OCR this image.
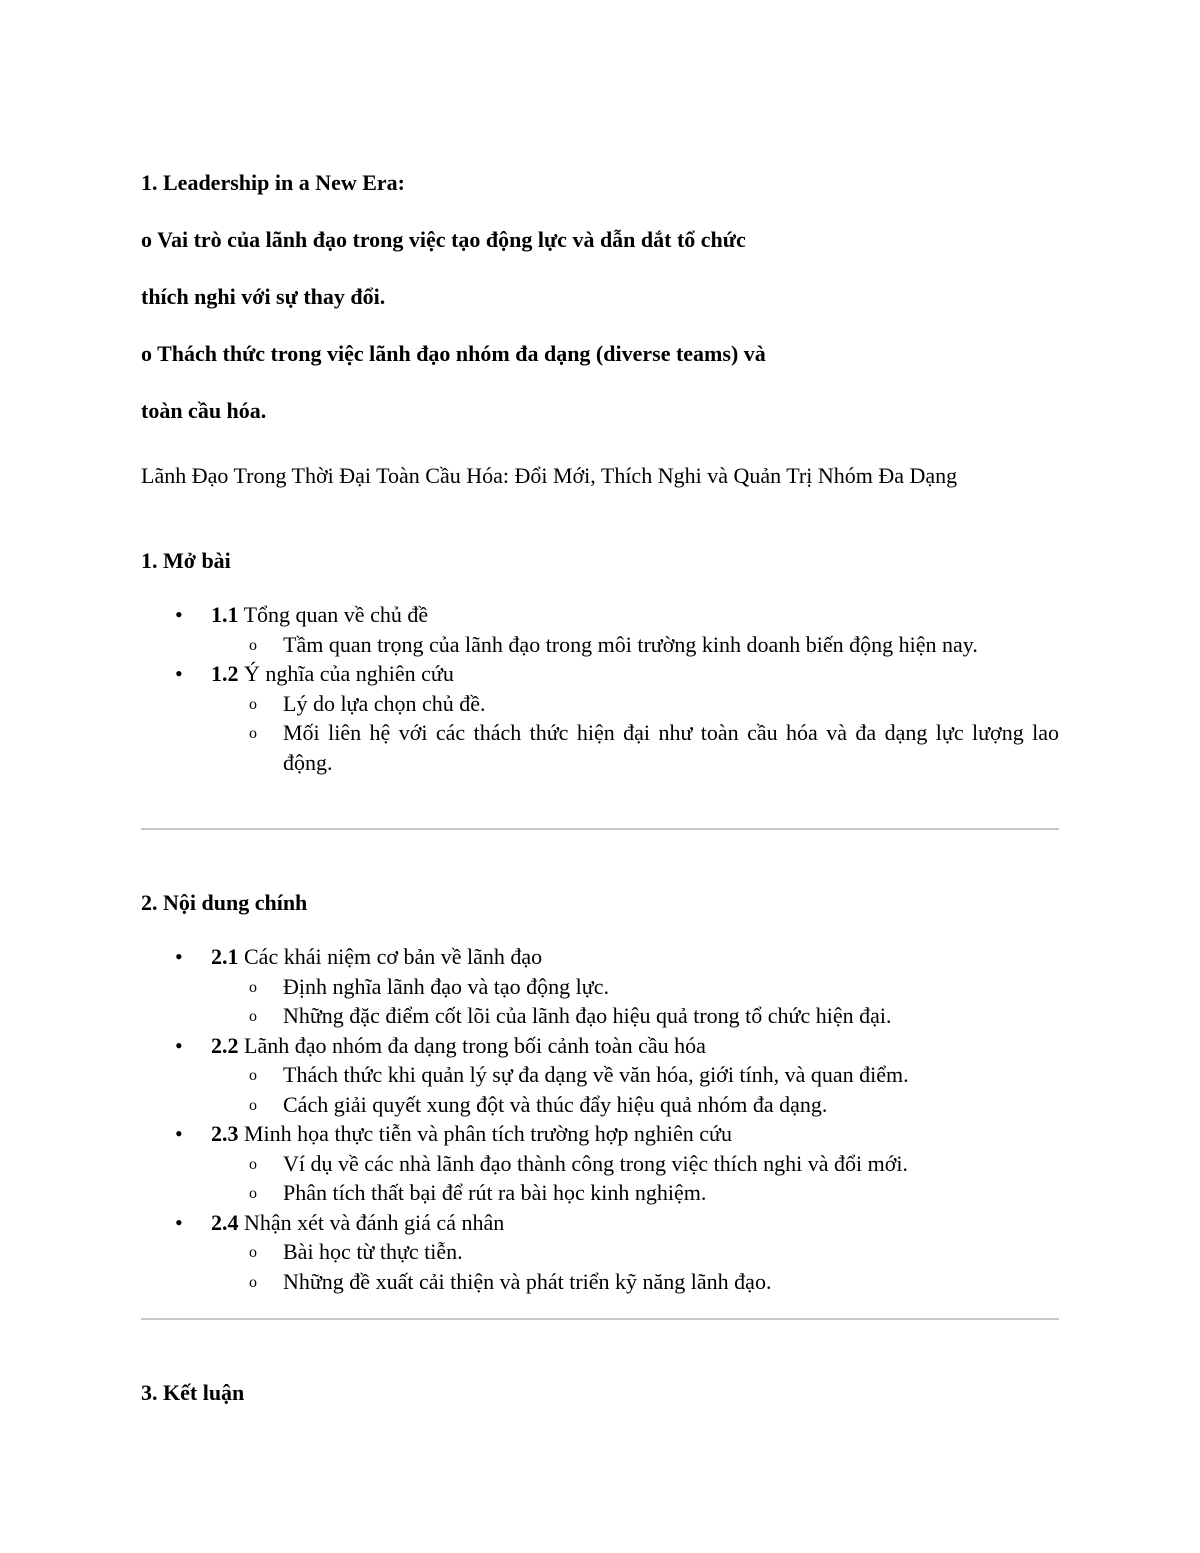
1. Leadership in a New Era:
o Vai trò của lãnh đạo trong việc tạo động lực và dẫn dắt tổ chức
thích nghi với sự thay đổi.
o Thách thức trong việc lãnh đạo nhóm đa dạng (diverse teams) và
toàn cầu hóa.
Lãnh Đạo Trong Thời Đại Toàn Cầu Hóa: Đổi Mới, Thích Nghi và Quản Trị Nhóm Đa Dạng
1. Mở bài
• 1.1 Tổng quan về chủ đề
o Tầm quan trọng của lãnh đạo trong môi trường kinh doanh biến động hiện nay.
• 1.2 Ý nghĩa của nghiên cứu
o Lý do lựa chọn chủ đề.
o Mối liên hệ với các thách thức hiện đại như toàn cầu hóa và đa dạng lực lượng lao động.
2. Nội dung chính
• 2.1 Các khái niệm cơ bản về lãnh đạo
o Định nghĩa lãnh đạo và tạo động lực.
o Những đặc điểm cốt lõi của lãnh đạo hiệu quả trong tổ chức hiện đại.
• 2.2 Lãnh đạo nhóm đa dạng trong bối cảnh toàn cầu hóa
o Thách thức khi quản lý sự đa dạng về văn hóa, giới tính, và quan điểm.
o Cách giải quyết xung đột và thúc đẩy hiệu quả nhóm đa dạng.
• 2.3 Minh họa thực tiễn và phân tích trường hợp nghiên cứu
o Ví dụ về các nhà lãnh đạo thành công trong việc thích nghi và đổi mới.
o Phân tích thất bại để rút ra bài học kinh nghiệm.
• 2.4 Nhận xét và đánh giá cá nhân
o Bài học từ thực tiễn.
o Những đề xuất cải thiện và phát triển kỹ năng lãnh đạo.
3. Kết luận
